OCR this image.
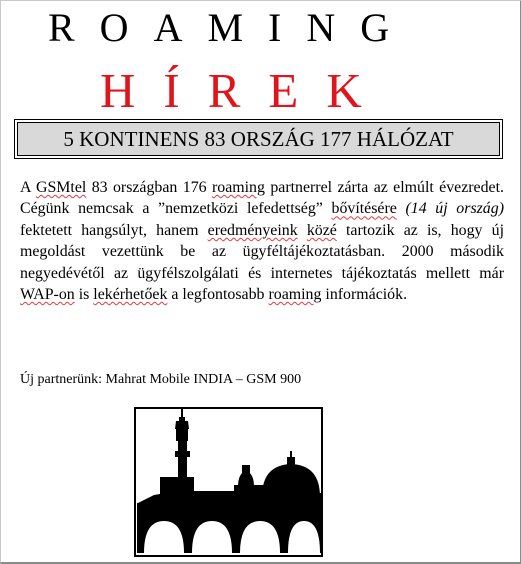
ROAMING
HÍREK
5 KONTINENS 83 ORSZÁG 177 HÁLÓZAT

A GSMtel 83 országban 176 roaming partnerrel zárta az elmúlt évezredet. Cégünk nemcsak a ”nemzetközi lefedettség” bővítésére (14 új ország) fektetett hangsúlyt, hanem eredményeink közé tartozik az is, hogy új megoldást vezettünk be az ügyféltájékoztatásban. 2000 második negyedévétől az ügyfélszolgálati és internetes tájékoztatás mellett már WAP-on is lekérhetőek a legfontosabb roaming információk.

Új partnerünk: Mahrat Mobile INDIA – GSM 900
